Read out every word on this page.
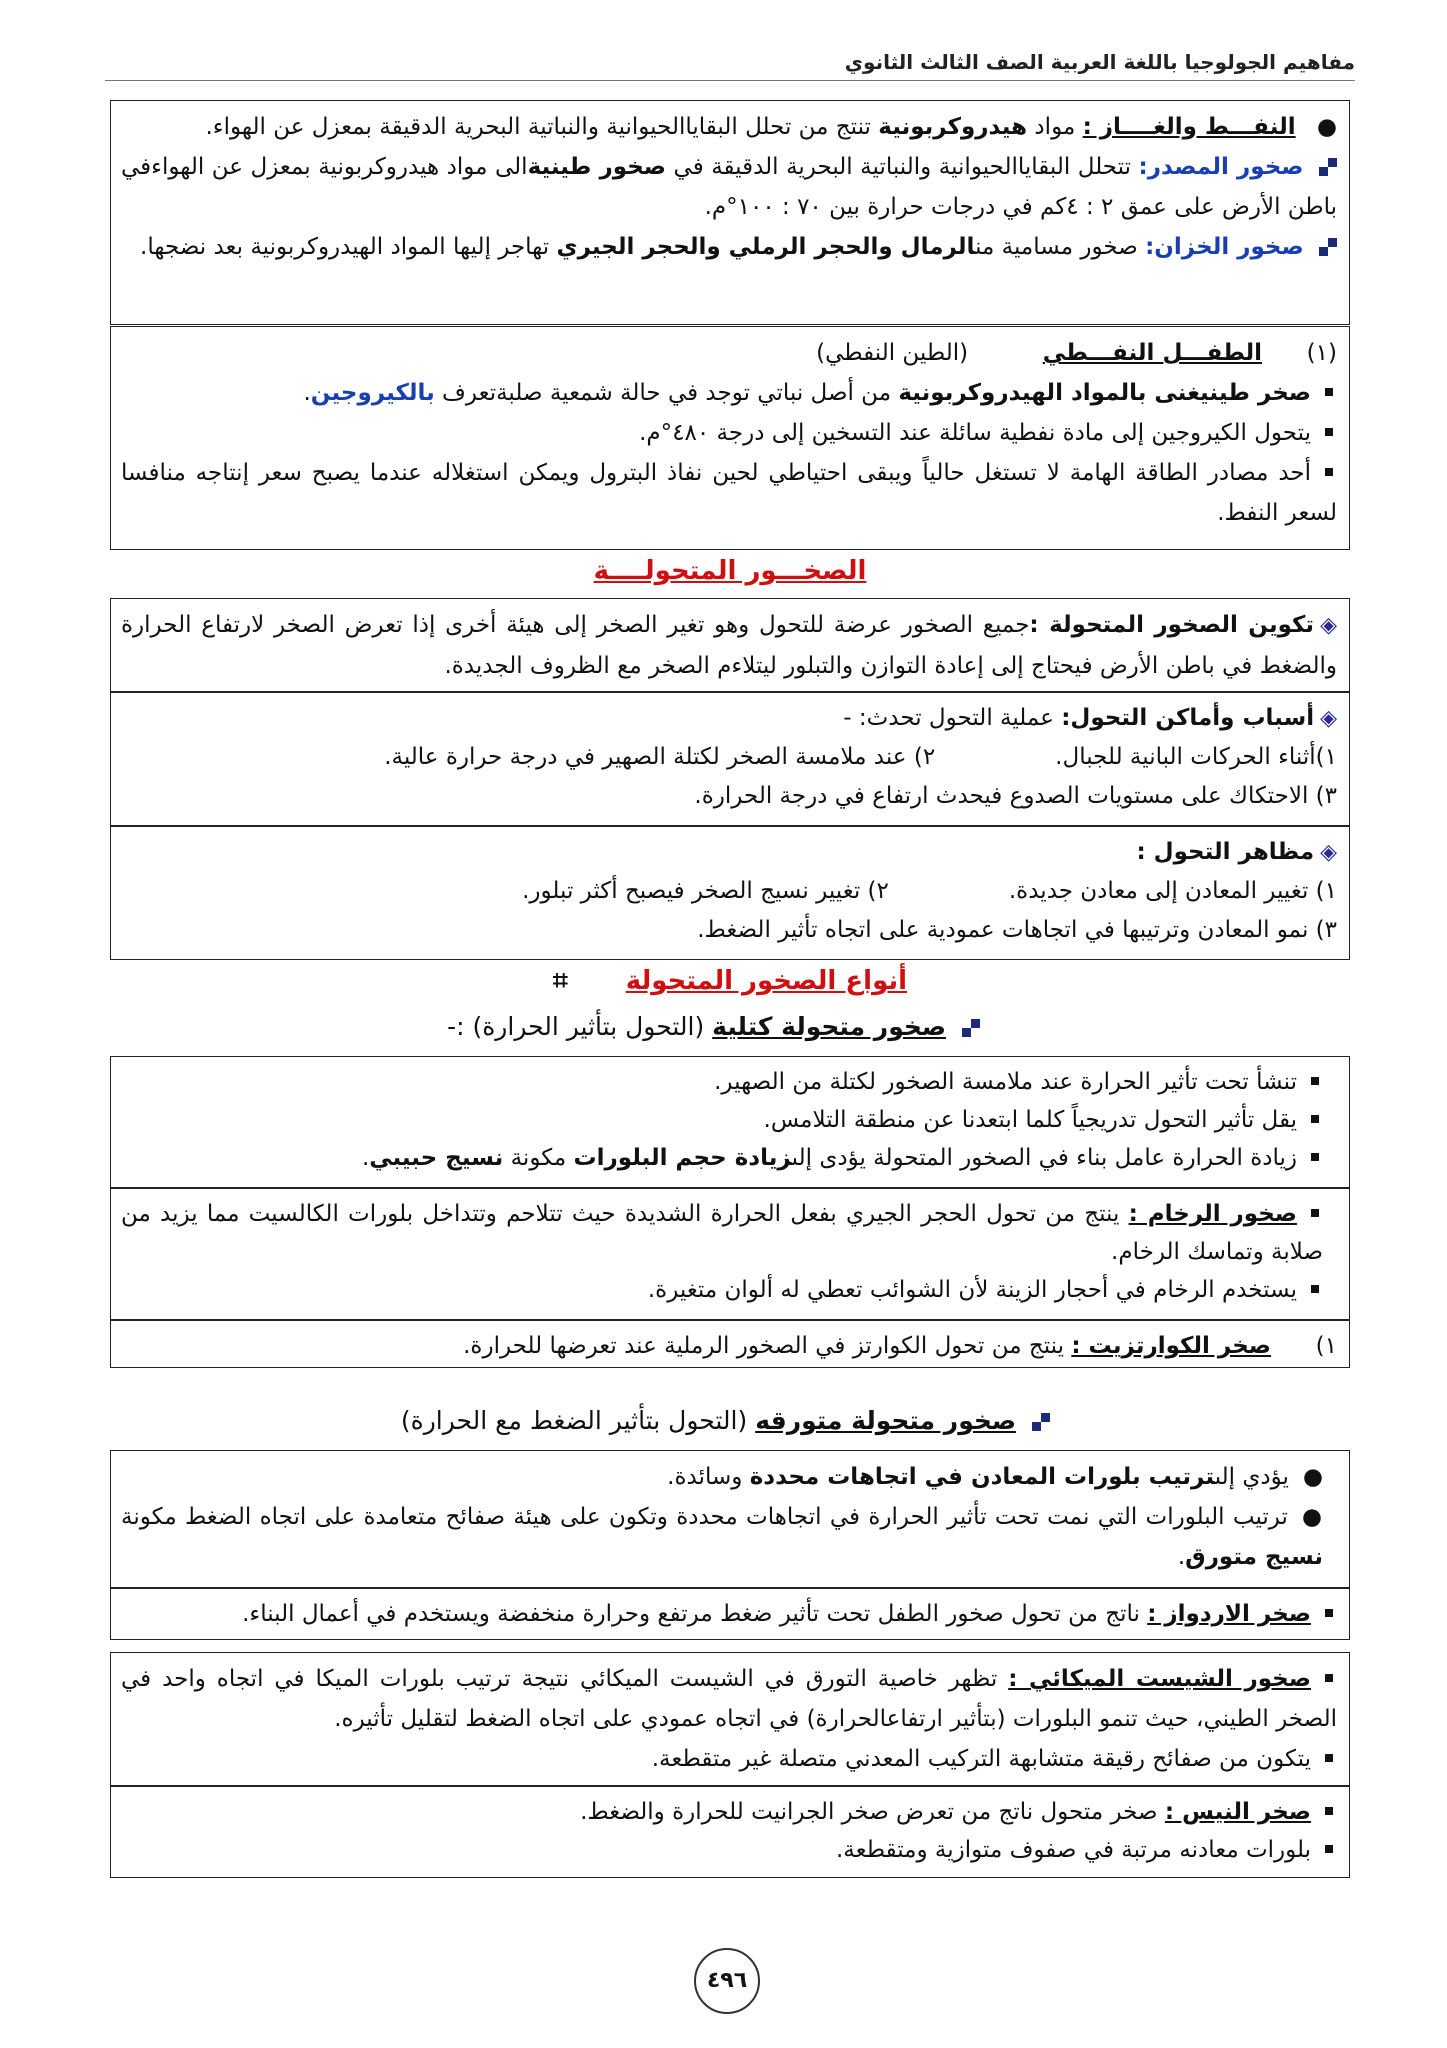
مفاهيم الجولوجيا باللغة العربية الصف الثالث الثانوي
● النفـــط والغــــاز : مواد هيدروكربونية تنتج من تحلل البقاياالحيوانية والنباتية البحرية الدقيقة بمعزل عن الهواء.
صخور المصدر: تتحلل البقاياالحيوانية والنباتية البحرية الدقيقة في صخور طينيةالى مواد هيدروكربونية بمعزل عن الهواءفي باطن الأرض على عمق ٢ : ٤كم في درجات حرارة بين ٧٠ : ١٠٠°م.
صخور الخزان: صخور مسامية منالرمال والحجر الرملي والحجر الجيري تهاجر إليها المواد الهيدروكربونية بعد نضجها.
(١)  الطفـــل النفـــطي  (الطين النفطي)
صخر طينيغنى بالمواد الهيدروكربونية من أصل نباتي توجد في حالة شمعية صلبةتعرف بالكيروجين.
يتحول الكيروجين إلى مادة نفطية سائلة عند التسخين إلى درجة ٤٨٠°م.
أحد مصادر الطاقة الهامة لا تستغل حالياً ويبقى احتياطي لحين نفاذ البترول ويمكن استغلاله عندما يصبح سعر إنتاجه منافسا لسعر النفط.
الصخـــور المتحولــــة
◈تكوين الصخور المتحولة :جميع الصخور عرضة للتحول وهو تغير الصخر إلى هيئة أخرى إذا تعرض الصخر لارتفاع الحرارة والضغط في باطن الأرض فيحتاج إلى إعادة التوازن والتبلور ليتلاءم الصخر مع الظروف الجديدة.
◈أسباب وأماكن التحول: عملية التحول تحدث: -
١)أثناء الحركات البانية للجبال.٢) عند ملامسة الصخر لكتلة الصهير في درجة حرارة عالية.
٣) الاحتكاك على مستويات الصدوع فيحدث ارتفاع في درجة الحرارة.
◈مظاهر التحول :
١) تغيير المعادن إلى معادن جديدة.٢) تغيير نسيج الصخر فيصبح أكثر تبلور.
٣) نمو المعادن وترتيبها في اتجاهات عمودية على اتجاه تأثير الضغط.
أنواع الصخور المتحولة  ⌗
صخور متحولة كتلية (التحول بتأثير الحرارة) :-
تنشأ تحت تأثير الحرارة عند ملامسة الصخور لكتلة من الصهير.
يقل تأثير التحول تدريجياً كلما ابتعدنا عن منطقة التلامس.
زيادة الحرارة عامل بناء في الصخور المتحولة يؤدى إلىزيادة حجم البلورات مكونة نسيج حبيبي.
صخور الرخام : ينتج من تحول الحجر الجيري بفعل الحرارة الشديدة حيث تتلاحم وتتداخل بلورات الكالسيت مما يزيد من صلابة وتماسك الرخام.
يستخدم الرخام في أحجار الزينة لأن الشوائب تعطي له ألوان متغيرة.
١)  صخر الكوارتزيت : ينتج من تحول الكوارتز في الصخور الرملية عند تعرضها للحرارة.
صخور متحولة متورقه (التحول بتأثير الضغط مع الحرارة)
●يؤدي إلىترتيب بلورات المعادن في اتجاهات محددة وسائدة.
●ترتيب البلورات التي نمت تحت تأثير الحرارة في اتجاهات محددة وتكون على هيئة صفائح متعامدة على اتجاه الضغط مكونة نسيج متورق.
صخر الاردواز : ناتج من تحول صخور الطفل تحت تأثير ضغط مرتفع وحرارة منخفضة ويستخدم في أعمال البناء.
صخور الشيست الميكائي : تظهر خاصية التورق في الشيست الميكائي نتيجة ترتيب بلورات الميكا في اتجاه واحد في الصخر الطيني، حيث تنمو البلورات (بتأثير ارتفاعالحرارة) في اتجاه عمودي على اتجاه الضغط لتقليل تأثيره.
يتكون من صفائح رقيقة متشابهة التركيب المعدني متصلة غير متقطعة.
صخر النيس : صخر متحول ناتج من تعرض صخر الجرانيت للحرارة والضغط.
بلورات معادنه مرتبة في صفوف متوازية ومتقطعة.
٤٩٦
